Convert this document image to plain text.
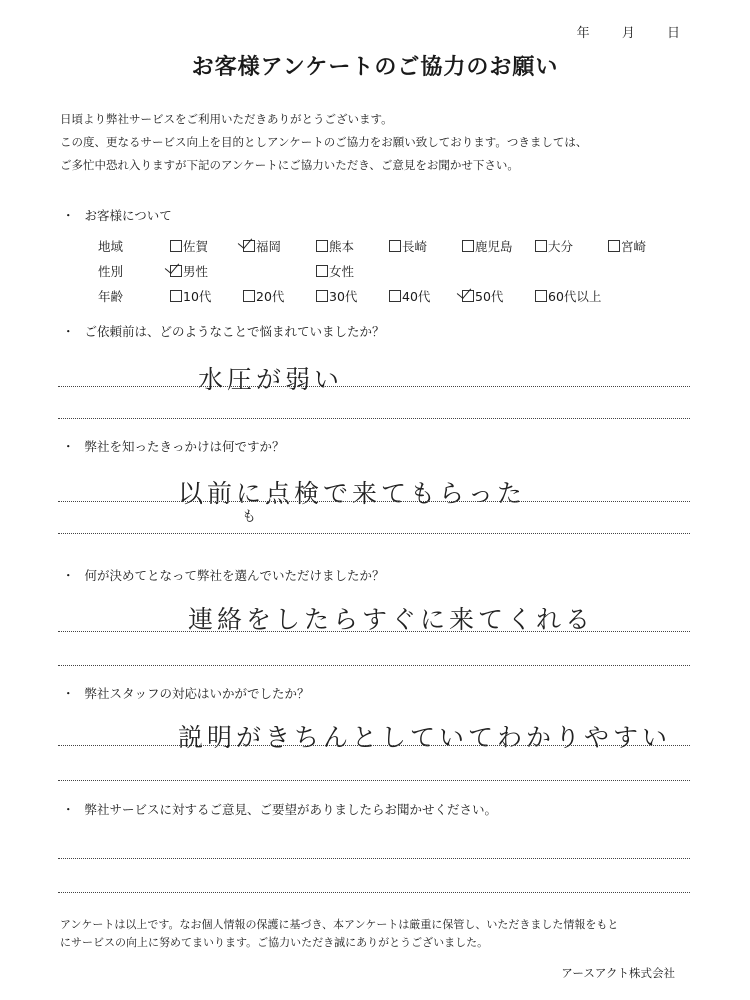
年 月 日
お客様アンケートのご協力のお願い
日頃より弊社サービスをご利用いただきありがとうございます。
この度、更なるサービス向上を目的としアンケートのご協力をお願い致しております。つきましては、
ご多忙中恐れ入りますが下記のアンケートにご協力いただき、ご意見をお聞かせ下さい。
・ お客様について
地域	佐賀	福岡	熊本	長崎	鹿児島	大分	宮崎
性別	男性	女性
年齢	10代	20代	30代	40代	50代	60代以上
・ ご依頼前は、どのようなことで悩まれていましたか？
水圧が弱い
・ 弊社を知ったきっかけは何ですか？
以前に点検で来てもらった
も
・ 何が決めてとなって弊社を選んでいただけましたか？
連絡をしたらすぐに来てくれる
・ 弊社スタッフの対応はいかがでしたか？
説明がきちんとしていてわかりやすい
・ 弊社サービスに対するご意見、ご要望がありましたらお聞かせください。
アンケートは以上です。なお個人情報の保護に基づき、本アンケートは厳重に保管し、いただきました情報をもと
にサービスの向上に努めてまいります。ご協力いただき誠にありがとうございました。
アースアクト株式会社
